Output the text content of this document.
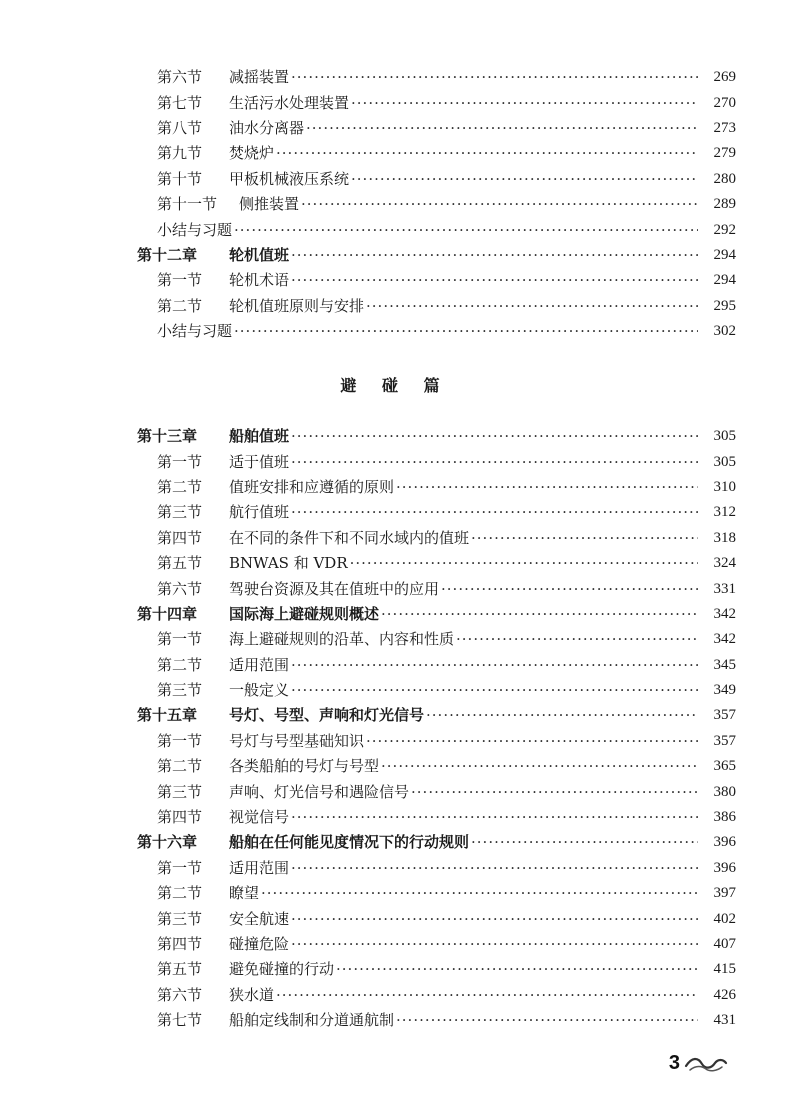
第六节	减摇装置 ·····	269
第七节	生活污水处理装置 ·····	270
第八节	油水分离器 ·····	273
第九节	焚烧炉 ·····	279
第十节	甲板机械液压系统 ·····	280
第十一节	侧推装置 ·····	289
小结与习题 ·····	292
第十二章	轮机值班 ·····	294
第一节	轮机术语 ·····	294
第二节	轮机值班原则与安排 ·····	295
小结与习题 ·····	302
避 碰 篇
第十三章	船舶值班 ·····	305
第一节	适于值班 ·····	305
第二节	值班安排和应遵循的原则 ·····	310
第三节	航行值班 ·····	312
第四节	在不同的条件下和不同水域内的值班 ·····	318
第五节	BNWAS 和 VDR ·····	324
第六节	驾驶台资源及其在值班中的应用 ·····	331
第十四章	国际海上避碰规则概述 ·····	342
第一节	海上避碰规则的沿革、内容和性质 ·····	342
第二节	适用范围 ·····	345
第三节	一般定义 ·····	349
第十五章	号灯、号型、声响和灯光信号 ·····	357
第一节	号灯与号型基础知识 ·····	357
第二节	各类船舶的号灯与号型 ·····	365
第三节	声响、灯光信号和遇险信号 ·····	380
第四节	视觉信号 ·····	386
第十六章	船舶在任何能见度情况下的行动规则 ·····	396
第一节	适用范围 ·····	396
第二节	瞭望 ·····	397
第三节	安全航速 ·····	402
第四节	碰撞危险 ·····	407
第五节	避免碰撞的行动 ·····	415
第六节	狭水道 ·····	426
第七节	船舶定线制和分道通航制 ·····	431
3
